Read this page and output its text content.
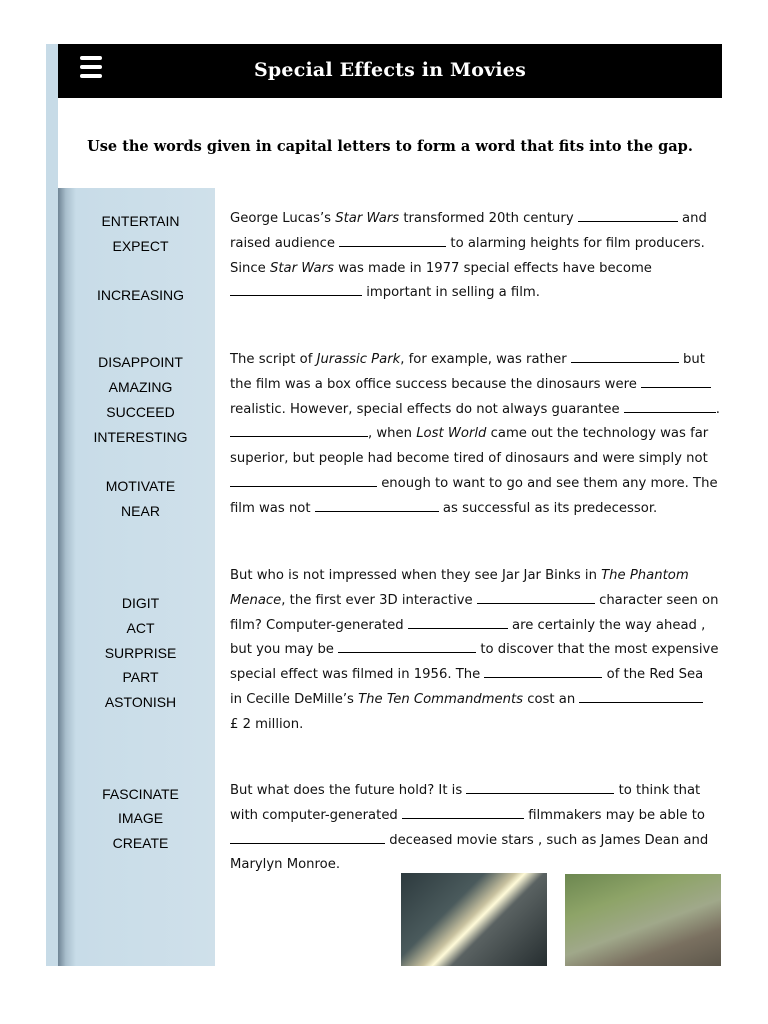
Special Effects in Movies
Use the words given in capital letters to form a word that fits into the gap.
ENTERTAIN
EXPECT
INCREASING
DISAPPOINT
AMAZING
SUCCEED
INTERESTING
MOTIVATE
NEAR
DIGIT
ACT
SURPRISE
PART
ASTONISH
FASCINATE
IMAGE
CREATE
George Lucas’s Star Wars transformed 20th century	and
raised audience	to alarming heights for film producers.
Since Star Wars was made in 1977 special effects have become
important in selling a film.
The script of Jurassic Park, for example, was rather	but
the film was a box office success because the dinosaurs were
realistic. However, special effects do not always guarantee	.
, when Lost World came out the technology was far
superior, but people had become tired of dinosaurs and were simply not
enough to want to go and see them any more. The
film was not	as successful as its predecessor.
But who is not impressed when they see Jar Jar Binks in The Phantom
Menace, the first ever 3D interactive	character seen on
film? Computer-generated	are certainly the way ahead ,
but you may be	to discover that the most expensive
special effect was filmed in 1956. The	of the Red Sea
in Cecille DeMille’s The Ten Commandments cost an
£ 2 million.
But what does the future hold? It is	to think that
with computer-generated	filmmakers may be able to
deceased movie stars , such as James Dean and
Marylyn Monroe.
